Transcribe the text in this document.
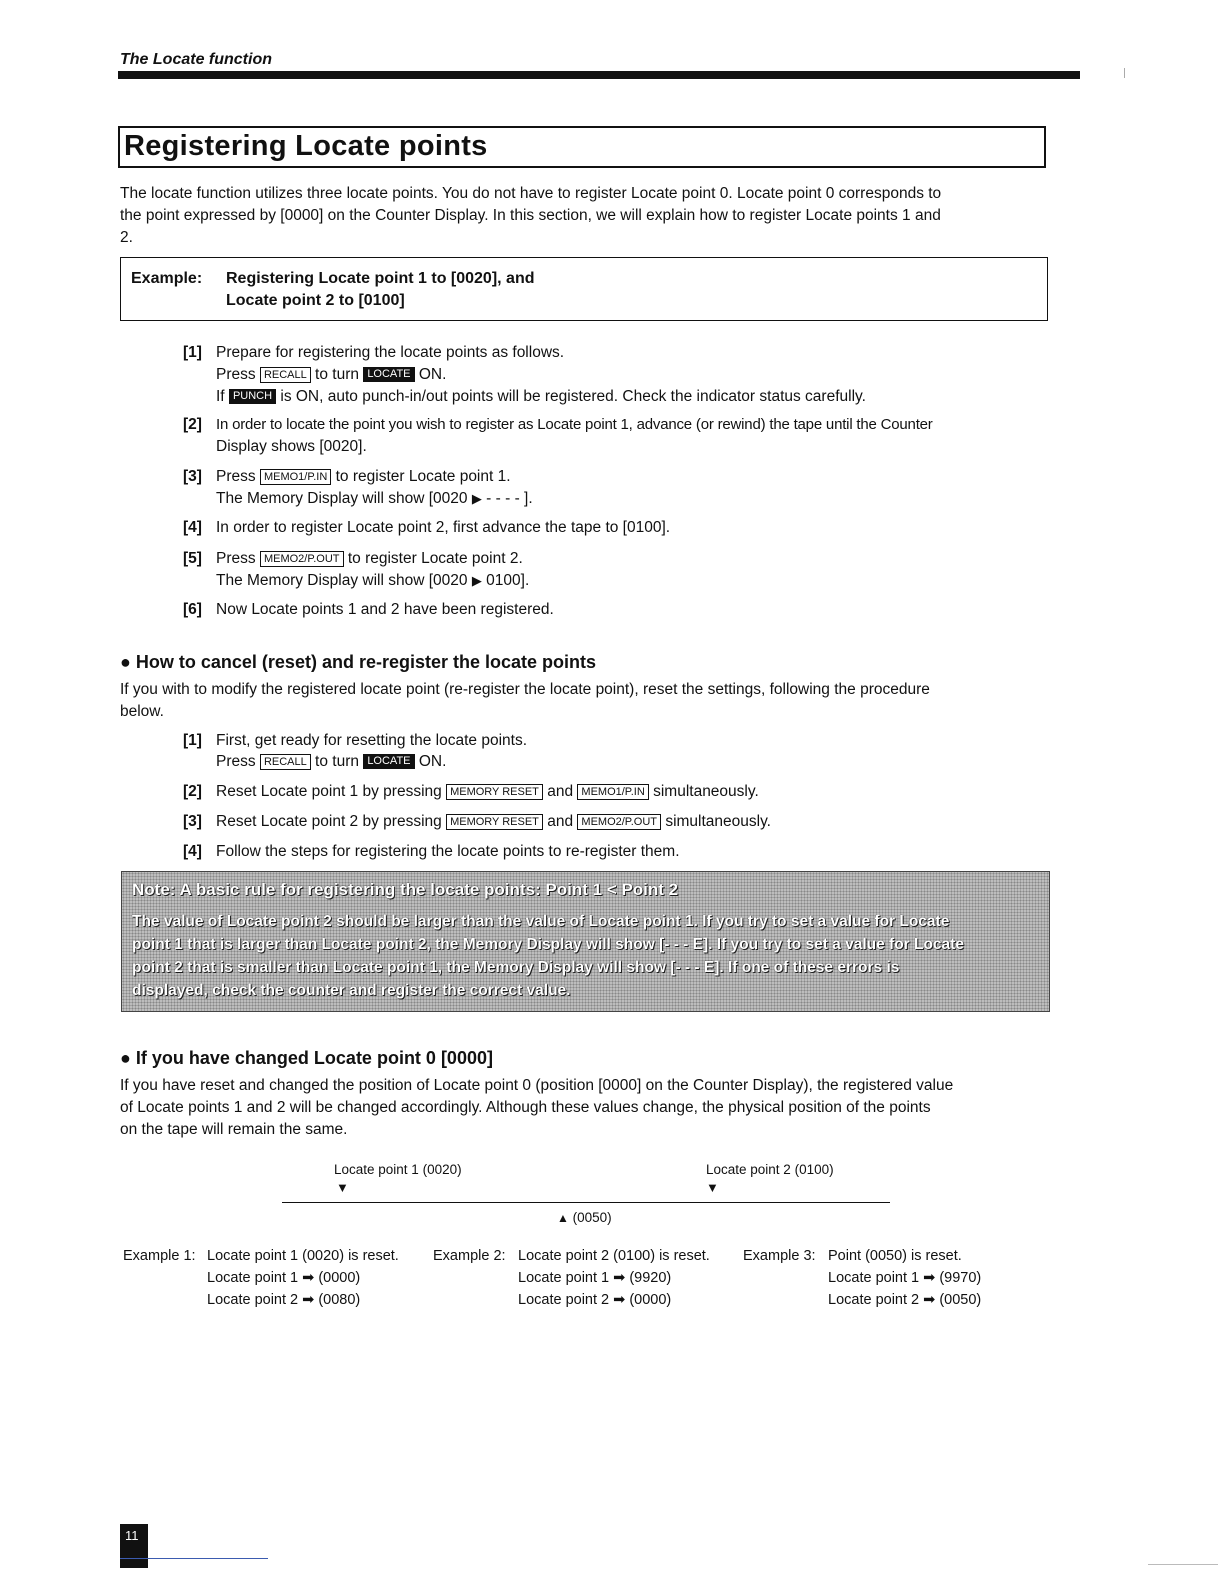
The Locate function
Registering Locate points
The locate function utilizes three locate points. You do not have to register Locate point 0. Locate point 0 corresponds to
the point expressed by [0000] on the Counter Display. In this section, we will explain how to register Locate points 1 and
2.
Example: Registering Locate point 1 to [0020], and
Locate point 2 to [0100]
[1] Prepare for registering the locate points as follows.
Press RECALL to turn LOCATE ON.
If PUNCH is ON, auto punch-in/out points will be registered. Check the indicator status carefully.
[2] In order to locate the point you wish to register as Locate point 1, advance (or rewind) the tape until the Counter
Display shows [0020].
[3] Press MEMO1/P.IN to register Locate point 1.
The Memory Display will show [0020 ▶ - - - - ].
[4] In order to register Locate point 2, first advance the tape to [0100].
[5] Press MEMO2/P.OUT to register Locate point 2.
The Memory Display will show [0020 ▶ 0100].
[6] Now Locate points 1 and 2 have been registered.
● How to cancel (reset) and re-register the locate points
If you with to modify the registered locate point (re-register the locate point), reset the settings, following the procedure
below.
[1] First, get ready for resetting the locate points.
Press RECALL to turn LOCATE ON.
[2] Reset Locate point 1 by pressing MEMORY RESET and MEMO1/P.IN simultaneously.
[3] Reset Locate point 2 by pressing MEMORY RESET and MEMO2/P.OUT simultaneously.
[4] Follow the steps for registering the locate points to re-register them.
Note: A basic rule for registering the locate points: Point 1 < Point 2
The value of Locate point 2 should be larger than the value of Locate point 1. If you try to set a value for Locate
point 1 that is larger than Locate point 2, the Memory Display will show [- - - E]. If you try to set a value for Locate
point 2 that is smaller than Locate point 1, the Memory Display will show [- - - E]. If one of these errors is
displayed, check the counter and register the correct value.
● If you have changed Locate point 0 [0000]
If you have reset and changed the position of Locate point 0 (position [0000] on the Counter Display), the registered value
of Locate points 1 and 2 will be changed accordingly. Although these values change, the physical position of the points
on the tape will remain the same.
Locate point 1 (0020)
▼
Locate point 2 (0100)
▼
▲ (0050)
Example 1: Locate point 1 (0020) is reset.
Locate point 1 ➡ (0000)
Locate point 2 ➡ (0080)
Example 2: Locate point 2 (0100) is reset.
Locate point 1 ➡ (9920)
Locate point 2 ➡ (0000)
Example 3: Point (0050) is reset.
Locate point 1 ➡ (9970)
Locate point 2 ➡ (0050)
11
